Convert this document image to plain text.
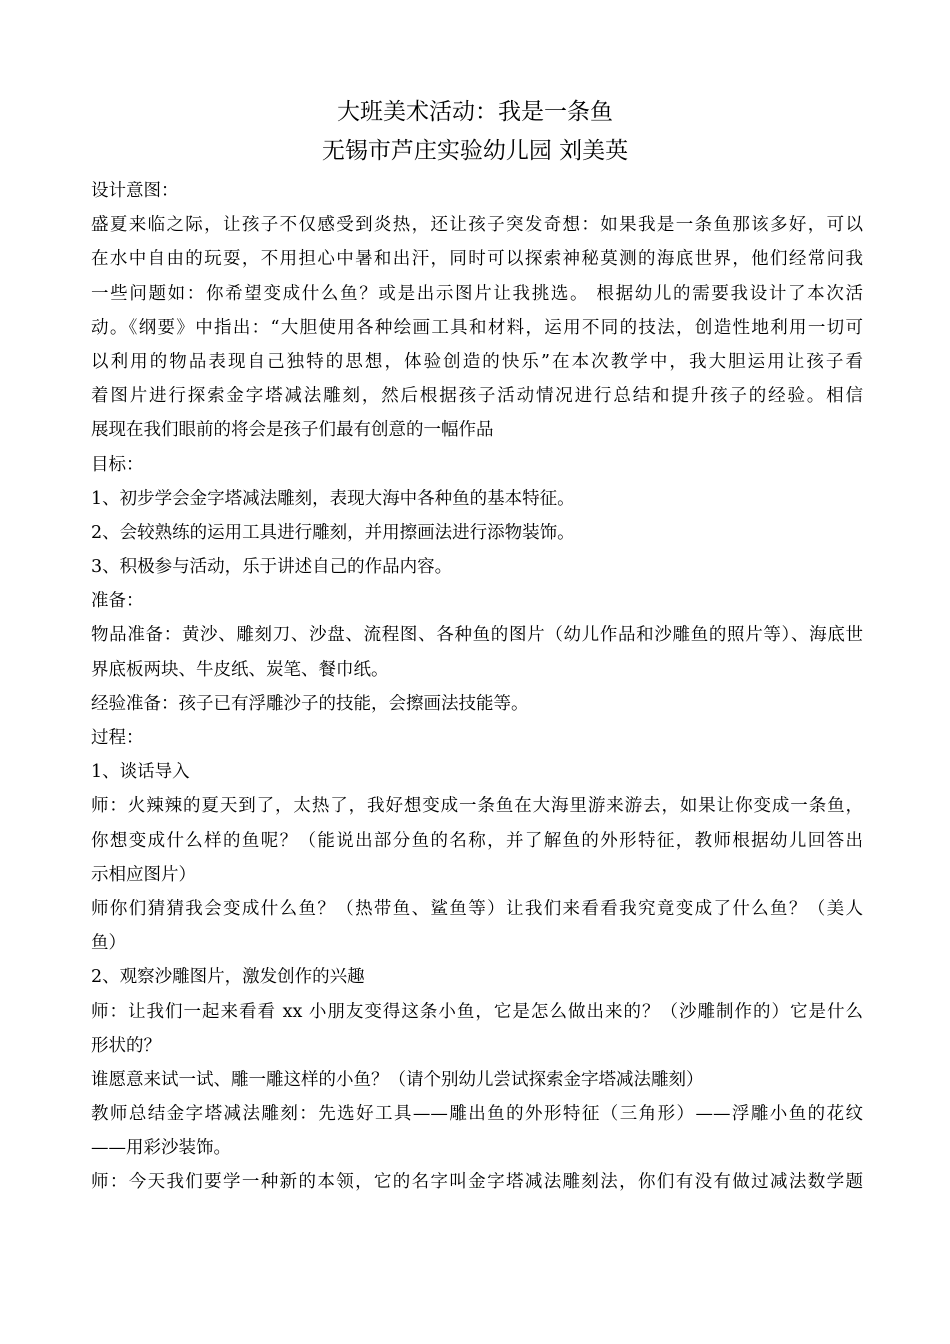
大班美术活动：我是一条鱼
无锡市芦庄实验幼儿园 刘美英
设计意图：
盛夏来临之际，让孩子不仅感受到炎热，还让孩子突发奇想：如果我是一条鱼那该多好，可以
在水中自由的玩耍，不用担心中暑和出汗，同时可以探索神秘莫测的海底世界，他们经常问我
一些问题如：你希望变成什么鱼？或是出示图片让我挑选。 根据幼儿的需要我设计了本次活
动。《纲要》中指出：“大胆使用各种绘画工具和材料，运用不同的技法，创造性地利用一切可
以利用的物品表现自己独特的思想，体验创造的快乐”在本次教学中，我大胆运用让孩子看
着图片进行探索金字塔减法雕刻，然后根据孩子活动情况进行总结和提升孩子的经验。相信
展现在我们眼前的将会是孩子们最有创意的一幅作品
目标：
1、初步学会金字塔减法雕刻，表现大海中各种鱼的基本特征。
2、会较熟练的运用工具进行雕刻，并用擦画法进行添物装饰。
3、积极参与活动，乐于讲述自己的作品内容。
准备：
物品准备：黄沙、雕刻刀、沙盘、流程图、各种鱼的图片（幼儿作品和沙雕鱼的照片等）、海底世
界底板两块、牛皮纸、炭笔、餐巾纸。
经验准备：孩子已有浮雕沙子的技能，会擦画法技能等。
过程：
1、谈话导入
师：火辣辣的夏天到了，太热了，我好想变成一条鱼在大海里游来游去，如果让你变成一条鱼，
你想变成什么样的鱼呢？（能说出部分鱼的名称，并了解鱼的外形特征，教师根据幼儿回答出
示相应图片）
师你们猜猜我会变成什么鱼？（热带鱼、鲨鱼等）让我们来看看我究竟变成了什么鱼？（美人
鱼）
2、观察沙雕图片，激发创作的兴趣
师：让我们一起来看看 xx 小朋友变得这条小鱼，它是怎么做出来的？（沙雕制作的）它是什么
形状的？
谁愿意来试一试、雕一雕这样的小鱼？（请个别幼儿尝试探索金字塔减法雕刻）
教师总结金字塔减法雕刻：先选好工具——雕出鱼的外形特征（三角形）——浮雕小鱼的花纹
——用彩沙装饰。
师：今天我们要学一种新的本领，它的名字叫金字塔减法雕刻法，你们有没有做过减法数学题
